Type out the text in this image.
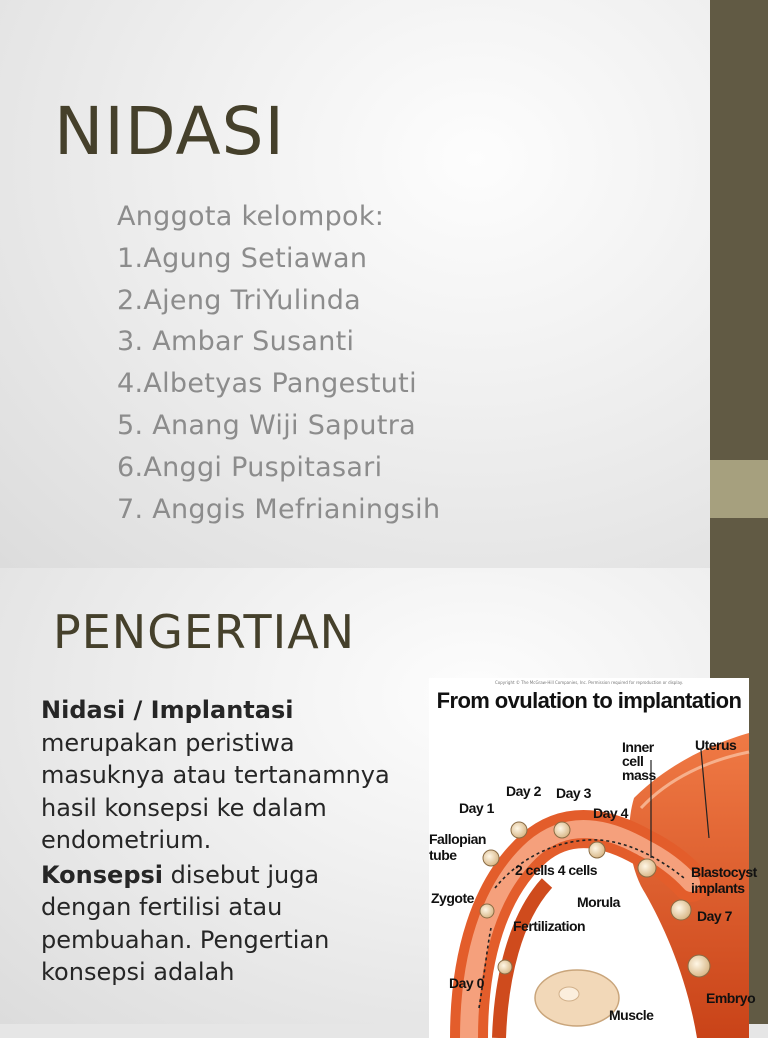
NIDASI
Anggota kelompok:
1.Agung Setiawan
2.Ajeng TriYulinda
3. Ambar Susanti
4.Albetyas Pangestuti
5. Anang Wiji Saputra
6.Anggi Puspitasari
7. Anggis Mefrianingsih
PENGERTIAN

Nidasi / Implantasi merupakan peristiwa masuknya atau tertanamnya hasil konsepsi ke dalam endometrium.

Konsepsi disebut juga dengan fertilisi atau pembuahan. Pengertian konsepsi adalah

Inner
cell
mass
Uterus
Day 1
Day 2 Day 3
Day 4
Fallopian
tube
2 cells 4 cells
Morula
Blastocyst
implants
Day 7
Zygote
Fertilization
Day 0
Muscle
Embryo
Copyright © The McGraw-Hill Companies, Inc. Permission required for reproduction or display.
From ovulation to implantation
